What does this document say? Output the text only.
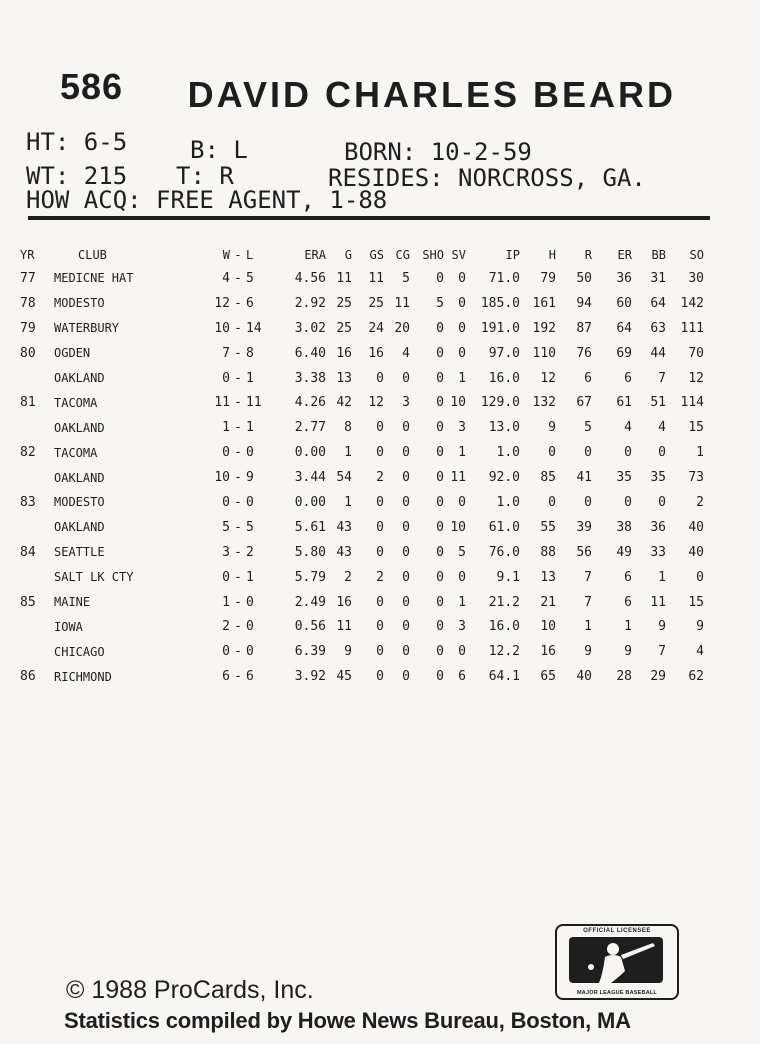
586 DAVID CHARLES BEARD
HT: 6-5	B: L	BORN: 10-2-59
WT: 215 T: R	RESIDES: NORCROSS, GA.
HOW ACQ: FREE AGENT, 1-88
YR	CLUB	W	-	L	ERA	G	GS	CG	SHO	SV	IP	H	R	ER	BB	SO
77	MEDICNE HAT	4	-	5	4.56	11	11	5	0	0	71.0	79	50	36	31	30
78	MODESTO	12	-	6	2.92	25	25	11	5	0	185.0	161	94	60	64	142
79	WATERBURY	10	-	14	3.02	25	24	20	0	0	191.0	192	87	64	63	111
80	OGDEN	7	-	8	6.40	16	16	4	0	0	97.0	110	76	69	44	70
	OAKLAND	0	-	1	3.38	13	0	0	0	1	16.0	12	6	6	7	12
81	TACOMA	11	-	11	4.26	42	12	3	0	10	129.0	132	67	61	51	114
	OAKLAND	1	-	1	2.77	8	0	0	0	3	13.0	9	5	4	4	15
82	TACOMA	0	-	0	0.00	1	0	0	0	1	1.0	0	0	0	0	1
	OAKLAND	10	-	9	3.44	54	2	0	0	11	92.0	85	41	35	35	73
83	MODESTO	0	-	0	0.00	1	0	0	0	0	1.0	0	0	0	0	2
	OAKLAND	5	-	5	5.61	43	0	0	0	10	61.0	55	39	38	36	40
84	SEATTLE	3	-	2	5.80	43	0	0	0	5	76.0	88	56	49	33	40
	SALT LK CTY	0	-	1	5.79	2	2	0	0	0	9.1	13	7	6	1	0
85	MAINE	1	-	0	2.49	16	0	0	0	1	21.2	21	7	6	11	15
	IOWA	2	-	0	0.56	11	0	0	0	3	16.0	10	1	1	9	9
	CHICAGO	0	-	0	6.39	9	0	0	0	0	12.2	16	9	9	7	4
86	RICHMOND	6	-	6	3.92	45	0	0	0	6	64.1	65	40	28	29	62
OFFICIAL LICENSEE
MAJOR LEAGUE BASEBALL
© 1988 ProCards, Inc.
Statistics compiled by Howe News Bureau, Boston, MA
